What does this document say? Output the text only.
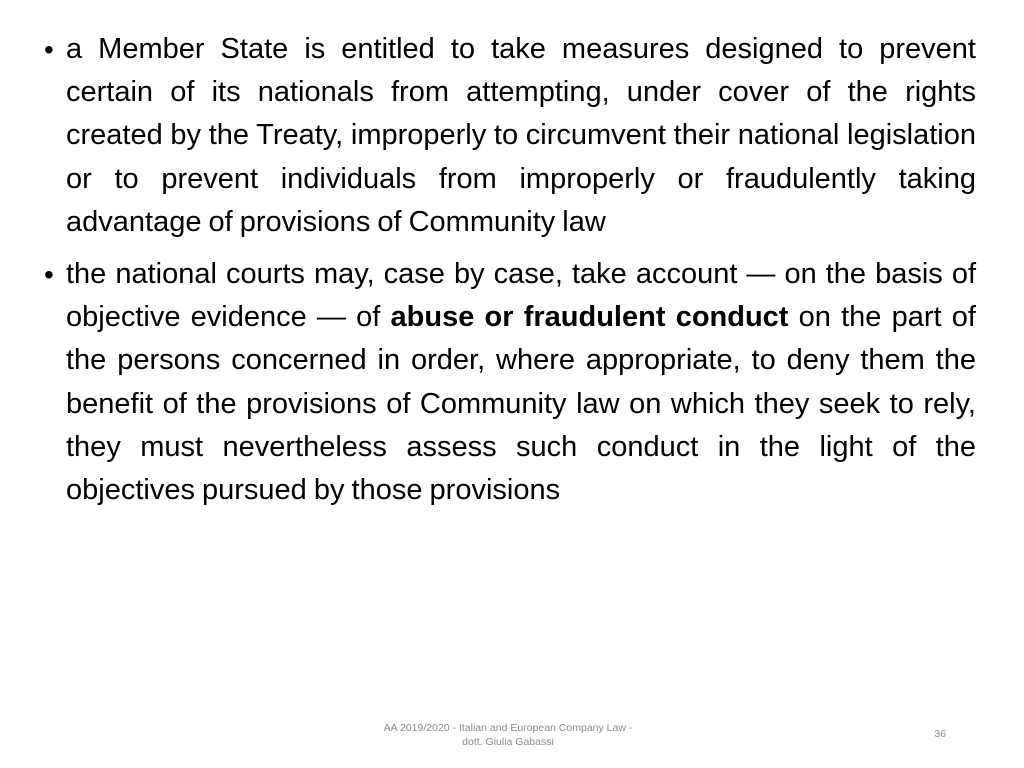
• a Member State is entitled to take measures designed to prevent certain of its nationals from attempting, under cover of the rights created by the Treaty, improperly to circumvent their national legislation or to prevent individuals from improperly or fraudulently taking advantage of provisions of Community law
• the national courts may, case by case, take account — on the basis of objective evidence — of abuse or fraudulent conduct on the part of the persons concerned in order, where appropriate, to deny them the benefit of the provisions of Community law on which they seek to rely, they must nevertheless assess such conduct in the light of the objectives pursued by those provisions
AA 2019/2020 - Italian and European Company Law -
dott. Giulia Gabassi
36
